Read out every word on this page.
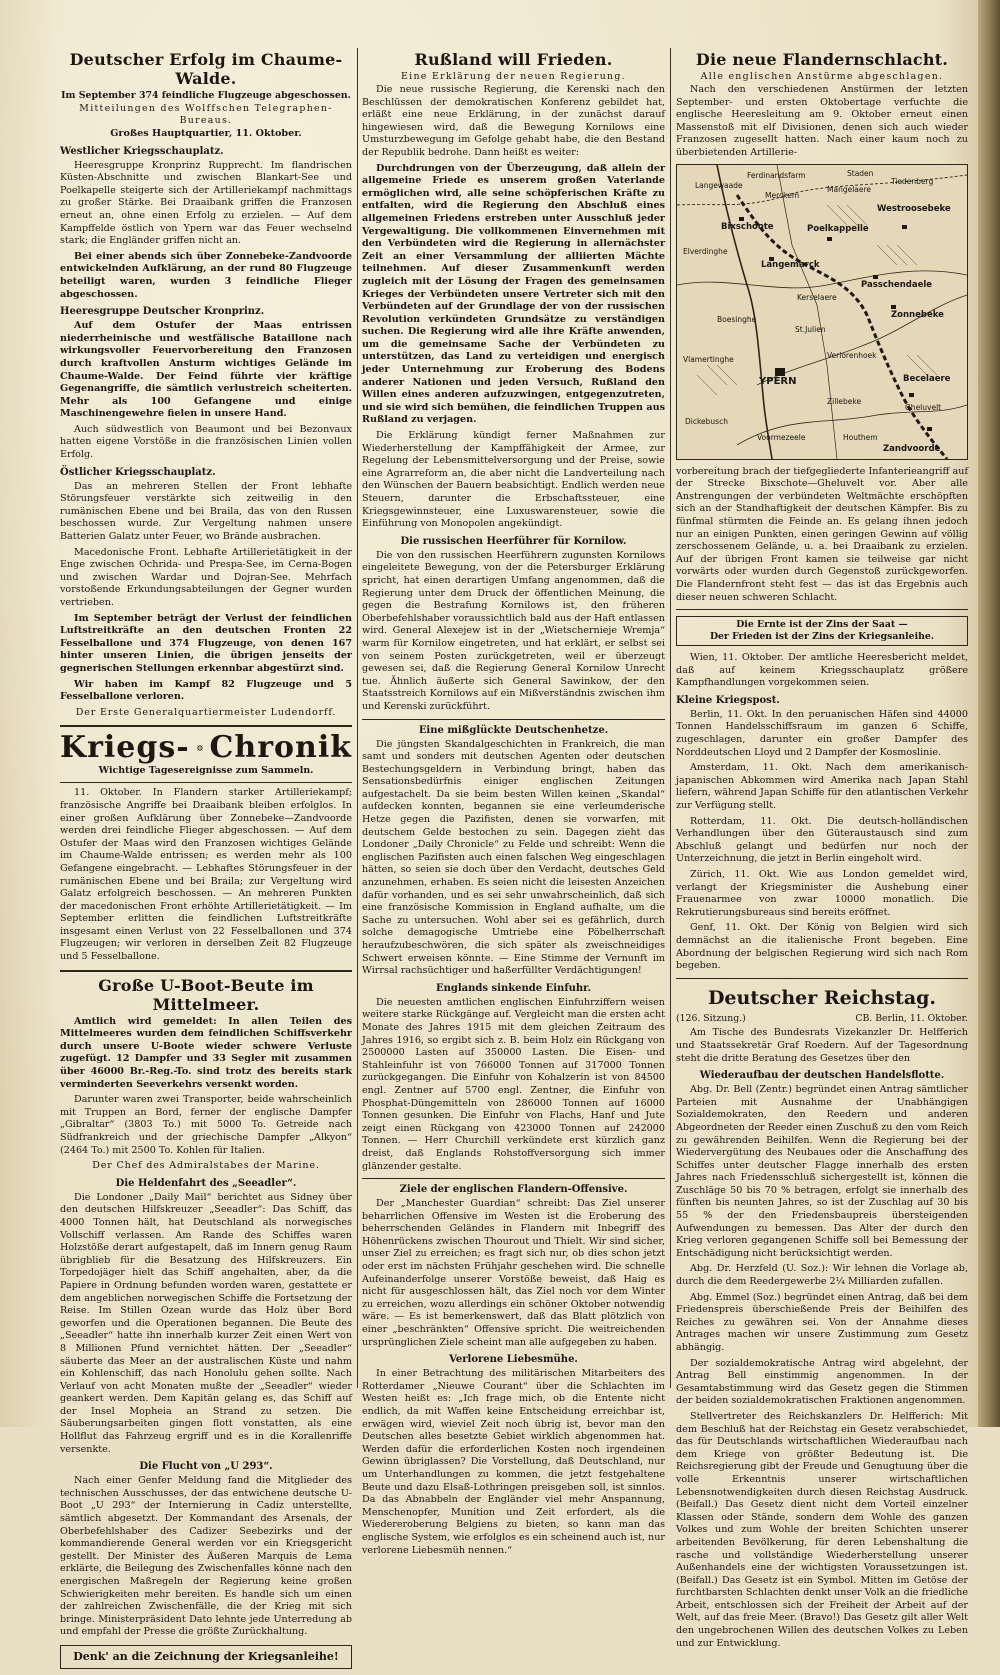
Deutscher Erfolg im Chaume-Walde.
Im September 374 feindliche Flugzeuge abgeschossen.
Mitteilungen des Wolffschen Telegraphen-Bureaus.
Großes Hauptquartier, 11. Oktober.
Westlicher Kriegsschauplatz.

Heeresgruppe Kronprinz Rupprecht. Im flandrischen Küsten-Abschnitte und zwischen Blankart-See und Poelkapelle steigerte sich der Artilleriekampf nachmittags zu großer Stärke. Bei Draaibank griffen die Franzosen erneut an, ohne einen Erfolg zu erzielen. — Auf dem Kampffelde östlich von Ypern war das Feuer wechselnd stark; die Engländer griffen nicht an.

Bei einer abends sich über Zonnebeke-Zandvoorde entwickelnden Aufklärung, an der rund 80 Flugzeuge beteiligt waren, wurden 3 feindliche Flieger abgeschossen.

Heeresgruppe Deutscher Kronprinz.

Auf dem Ostufer der Maas entrissen niederrheinische und westfälische Bataillone nach wirkungsvoller Feuervorbereitung den Franzosen durch kraftvollen Ansturm wichtiges Gelände im Chaume-Walde. Der Feind führte vier kräftige Gegenangriffe, die sämtlich verlustreich scheiterten. Mehr als 100 Gefangene und einige Maschinengewehre fielen in unsere Hand.

Auch südwestlich von Beaumont und bei Bezonvaux hatten eigene Vorstöße in die französischen Linien vollen Erfolg.

Östlicher Kriegsschauplatz.

Das an mehreren Stellen der Front lebhafte Störungsfeuer verstärkte sich zeitweilig in den rumänischen Ebene und bei Braila, das von den Russen beschossen wurde. Zur Vergeltung nahmen unsere Batterien Galatz unter Feuer, wo Brände ausbrachen.

Macedonische Front. Lebhafte Artillerietätigkeit in der Enge zwischen Ochrida- und Prespa-See, im Cerna-Bogen und zwischen Wardar und Dojran-See. Mehrfach vorstoßende Erkundungsabteilungen der Gegner wurden vertrieben.

Im September beträgt der Verlust der feindlichen Luftstreitkräfte an den deutschen Fronten 22 Fesselballone und 374 Flugzeuge, von denen 167 hinter unseren Linien, die übrigen jenseits der gegnerischen Stellungen erkennbar abgestürzt sind.

Wir haben im Kampf 82 Flugzeuge und 5 Fesselballone verloren.

Der Erste Generalquartiermeister Ludendorff.
Kriegs- Chronik
Wichtige Tagesereignisse zum Sammeln.

11. Oktober. In Flandern starker Artilleriekampf; französische Angriffe bei Draaibank bleiben erfolglos. In einer großen Aufklärung über Zonnebeke—Zandvoorde werden drei feindliche Flieger abgeschossen. — Auf dem Ostufer der Maas wird den Franzosen wichtiges Gelände im Chaume-Walde entrissen; es werden mehr als 100 Gefangene eingebracht. — Lebhaftes Störungsfeuer in der rumänischen Ebene und bei Braila; zur Vergeltung wird Galatz erfolgreich beschossen. — An mehreren Punkten der macedonischen Front erhöhte Artillerietätigkeit. — Im September erlitten die feindlichen Luftstreitkräfte insgesamt einen Verlust von 22 Fesselballonen und 374 Flugzeugen; wir verloren in derselben Zeit 82 Flugzeuge und 5 Fesselballone.

Große U-Boot-Beute im Mittelmeer.

Amtlich wird gemeldet: In allen Teilen des Mittelmeeres wurden dem feindlichen Schiffsverkehr durch unsere U-Boote wieder schwere Verluste zugefügt. 12 Dampfer und 33 Segler mit zusammen über 46000 Br.-Reg.-To. sind trotz des bereits stark verminderten Seeverkehrs versenkt worden.

Darunter waren zwei Transporter, beide wahrscheinlich mit Truppen an Bord, ferner der englische Dampfer „Gibraltar“ (3803 To.) mit 5000 To. Getreide nach Südfrankreich und der griechische Dampfer „Alkyon“ (2464 To.) mit 2500 To. Kohlen für Italien.

Der Chef des Admiralstabes der Marine.
Die Heldenfahrt des „Seeadler“.

Die Londoner „Daily Mail“ berichtet aus Sidney über den deutschen Hilfskreuzer „Seeadler“: Das Schiff, das 4000 Tonnen hält, hat Deutschland als norwegisches Vollschiff verlassen. Am Rande des Schiffes waren Holzstöße derart aufgestapelt, daß im Innern genug Raum übrigblieb für die Besatzung des Hilfskreuzers. Ein Torpedojäger hielt das Schiff angehalten, aber, da die Papiere in Ordnung befunden worden waren, gestattete er dem angeblichen norwegischen Schiffe die Fortsetzung der Reise. Im Stillen Ozean wurde das Holz über Bord geworfen und die Operationen begannen. Die Beute des „Seeadler“ hatte ihn innerhalb kurzer Zeit einen Wert von 8 Millionen Pfund vernichtet hätten. Der „Seeadler“ säuberte das Meer an der australischen Küste und nahm ein Kohlenschiff, das nach Honolulu gehen sollte. Nach Verlauf von acht Monaten mußte der „Seeadler“ wieder geankert werden. Dem Kapitän gelang es, das Schiff auf der Insel Mopheia an Strand zu setzen. Die Säuberungsarbeiten gingen flott vonstatten, als eine Hollflut das Fahrzeug ergriff und es in die Korallenriffe versenkte.

Die Flucht von „U 293“.

Nach einer Genfer Meldung fand die Mitglieder des technischen Ausschusses, der das entwichene deutsche U-Boot „U 293“ der Internierung in Cadiz unterstellte, sämtlich abgesetzt. Der Kommandant des Arsenals, der Oberbefehlshaber des Cadizer Seebezirks und der kommandierende General werden vor ein Kriegsgericht gestellt. Der Minister des Äußeren Marquis de Lema erklärte, die Beilegung des Zwischenfalles könne nach den energischen Maßregeln der Regierung keine großen Schwierigkeiten mehr bereiten. Es handle sich um einen der zahlreichen Zwischenfälle, die der Krieg mit sich bringe. Ministerpräsident Dato lehnte jede Unterredung ab und empfahl der Presse die größte Zurückhaltung.

Denk' an die Zeichnung der Kriegsanleihe!
Rußland will Frieden.
Eine Erklärung der neuen Regierung.

Die neue russische Regierung, die Kerenski nach den Beschlüssen der demokratischen Konferenz gebildet hat, erläßt eine neue Erklärung, in der zunächst darauf hingewiesen wird, daß die Bewegung Kornilows eine Umsturzbewegung im Gefolge gehabt habe, die den Bestand der Republik bedrohe. Dann heißt es weiter:

Durchdrungen von der Überzeugung, daß allein der allgemeine Friede es unserem großen Vaterlande ermöglichen wird, alle seine schöpferischen Kräfte zu entfalten, wird die Regierung den Abschluß eines allgemeinen Friedens erstreben unter Ausschluß jeder Vergewaltigung. Die vollkommenen Einvernehmen mit den Verbündeten wird die Regierung in allernächster Zeit an einer Versammlung der alliierten Mächte teilnehmen. Auf dieser Zusammenkunft werden zugleich mit der Lösung der Fragen des gemeinsamen Krieges der Verbündeten unsere Vertreter sich mit den Verbündeten auf der Grundlage der von der russischen Revolution verkündeten Grundsätze zu verständigen suchen. Die Regierung wird alle ihre Kräfte anwenden, um die gemeinsame Sache der Verbündeten zu unterstützen, das Land zu verteidigen und energisch jeder Unternehmung zur Eroberung des Bodens anderer Nationen und jeden Versuch, Rußland den Willen eines anderen aufzuzwingen, entgegenzutreten, und sie wird sich bemühen, die feindlichen Truppen aus Rußland zu verjagen.

Die Erklärung kündigt ferner Maßnahmen zur Wiederherstellung der Kampffähigkeit der Armee, zur Regelung der Lebensmittelversorgung und der Preise, sowie eine Agrarreform an, die aber nicht die Landverteilung nach den Wünschen der Bauern beabsichtigt. Endlich werden neue Steuern, darunter die Erbschaftssteuer, eine Kriegsgewinnsteuer, eine Luxuswarensteuer, sowie die Einführung von Monopolen angekündigt.

Die russischen Heerführer für Kornilow.

Die von den russischen Heerführern zugunsten Kornilows eingeleitete Bewegung, von der die Petersburger Erklärung spricht, hat einen derartigen Umfang angenommen, daß die Regierung unter dem Druck der öffentlichen Meinung, die gegen die Bestrafung Kornilows ist, den früheren Oberbefehlshaber voraussichtlich bald aus der Haft entlassen wird. General Alexejew ist in der „Wietschernieje Wremja“ warm für Kornilow eingetreten, und hat erklärt, er selbst sei von seinem Posten zurückgetreten, weil er überzeugt gewesen sei, daß die Regierung General Kornilow Unrecht tue. Ähnlich äußerte sich General Sawinkow, der den Staatsstreich Kornilows auf ein Mißverständnis zwischen ihm und Kerenski zurückführt.

Eine mißglückte Deutschenhetze.

Die jüngsten Skandalgeschichten in Frankreich, die man samt und sonders mit deutschen Agenten oder deutschen Bestechungsgeldern in Verbindung bringt, haben das Sensationsbedürfnis einiger englischen Zeitungen aufgestachelt. Da sie beim besten Willen keinen „Skandal“ aufdecken konnten, begannen sie eine verleumderische Hetze gegen die Pazifisten, denen sie vorwarfen, mit deutschem Gelde bestochen zu sein. Dagegen zieht das Londoner „Daily Chronicle“ zu Felde und schreibt: Wenn die englischen Pazifisten auch einen falschen Weg eingeschlagen hätten, so seien sie doch über den Verdacht, deutsches Geld anzunehmen, erhaben. Es seien nicht die leisesten Anzeichen dafür vorhanden, und es sei sehr unwahrscheinlich, daß sich eine französische Kommission in England aufhalte, um die Sache zu untersuchen. Wohl aber sei es gefährlich, durch solche demagogische Umtriebe eine Pöbelherrschaft heraufzubeschwören, die sich später als zweischneidiges Schwert erweisen könnte. — Eine Stimme der Vernunft im Wirrsal rachsüchtiger und haßerfüllter Verdächtigungen!

Englands sinkende Einfuhr.

Die neuesten amtlichen englischen Einfuhrziffern weisen weitere starke Rückgänge auf. Vergleicht man die ersten acht Monate des Jahres 1915 mit dem gleichen Zeitraum des Jahres 1916, so ergibt sich z. B. beim Holz ein Rückgang von 2500000 Lasten auf 350000 Lasten. Die Eisen- und Stahleinfuhr ist von 766000 Tonnen auf 317000 Tonnen zurückgegangen. Die Einfuhr von Kohalzerin ist von 84500 engl. Zentner auf 5700 engl. Zentner, die Einfuhr von Phosphat-Düngemitteln von 286000 Tonnen auf 16000 Tonnen gesunken. Die Einfuhr von Flachs, Hanf und Jute zeigt einen Rückgang von 423000 Tonnen auf 242000 Tonnen. — Herr Churchill verkündete erst kürzlich ganz dreist, daß Englands Rohstoffversorgung sich immer glänzender gestalte.

Ziele der englischen Flandern-Offensive.

Der „Manchester Guardian“ schreibt: Das Ziel unserer beharrlichen Offensive im Westen ist die Eroberung des beherrschenden Geländes in Flandern mit Inbegriff des Höhenrückens zwischen Thourout und Thielt. Wir sind sicher, unser Ziel zu erreichen; es fragt sich nur, ob dies schon jetzt oder erst im nächsten Frühjahr geschehen wird. Die schnelle Aufeinanderfolge unserer Vorstöße beweist, daß Haig es nicht für ausgeschlossen hält, das Ziel noch vor dem Winter zu erreichen, wozu allerdings ein schöner Oktober notwendig wäre. — Es ist bemerkenswert, daß das Blatt plötzlich von einer „beschränkten“ Offensive spricht. Die weitreichenden ursprünglichen Ziele scheint man alle aufgegeben zu haben.

Verlorene Liebesmühe.

In einer Betrachtung des militärischen Mitarbeiters des Rotterdamer „Nieuwe Courant“ über die Schlachten im Westen heißt es: „Ich frage mich, ob die Entente nicht endlich, da mit Waffen keine Entscheidung erreichbar ist, erwägen wird, wieviel Zeit noch übrig ist, bevor man den Deutschen alles besetzte Gebiet wirklich abgenommen hat. Werden dafür die erforderlichen Kosten noch irgendeinen Gewinn übriglassen? Die Vorstellung, daß Deutschland, nur um Unterhandlungen zu kommen, die jetzt festgehaltene Beute und dazu Elsaß-Lothringen preisgeben soll, ist sinnlos. Da das Abnabbeln der Engländer viel mehr Anspannung, Menschenopfer, Munition und Zeit erfordert, als die Wiedereroberung Belgiens zu bieten, so kann man das englische System, wie erfolglos es ein scheinend auch ist, nur verlorene Liebesmüh nennen.“

Die neue Flandernschlacht.
Alle englischen Anstürme abgeschlagen.

Nach den verschiedenen Anstürmen der letzten September- und ersten Oktobertage verfuchte die englische Heeresleitung am 9. Oktober erneut einen Massenstoß mit elf Divisionen, denen sich auch wieder Franzosen zugesellt hatten. Nach einer kaum noch zu überbietenden Artillerie-

Langewaade
Ferdinandsfarm
Merckem
Mangelaere
Tiedenberg
Staden
Bixschoote	Poelkappelle
Westroosebeke
Elverdinghe
Langemarck
Kerselaere
Passchendaele
Boesinghe
St.Julien
Zonnebeke
Verlorenhoek
Vlamertinghe
YPERN	Becelaere
Zillebeke
Gheluvelt
Dickebusch
Voormezeele	Houthem
Zandvoorde

vorbereitung brach der tiefgegliederte Infanterieangriff auf der Strecke Bixschote—Gheluvelt vor. Aber alle Anstrengungen der verbündeten Weltmächte erschöpften sich an der Standhaftigkeit der deutschen Kämpfer. Bis zu fünfmal stürmten die Feinde an. Es gelang ihnen jedoch nur an einigen Punkten, einen geringen Gewinn auf völlig zerschossenem Gelände, u. a. bei Draaibank zu erzielen. Auf der übrigen Front kamen sie teilweise gar nicht vorwärts oder wurden durch Gegenstoß zurückgeworfen. Die Flandernfront steht fest — das ist das Ergebnis auch dieser neuen schweren Schlacht.

Die Ernte ist der Zins der Saat —
Der Frieden ist der Zins der Kriegsanleihe.

Wien, 11. Oktober. Der amtliche Heeresbericht meldet, daß auf keinem Kriegsschauplatz größere Kampfhandlungen vorgekommen seien.

Kleine Kriegspost.

Berlin, 11. Okt. In den peruanischen Häfen sind 44000 Tonnen Handelsschiffsraum im ganzen 6 Schiffe, zugeschlagen, darunter ein großer Dampfer des Norddeutschen Lloyd und 2 Dampfer der Kosmoslinie.

Amsterdam, 11. Okt. Nach dem amerikanisch-japanischen Abkommen wird Amerika nach Japan Stahl liefern, während Japan Schiffe für den atlantischen Verkehr zur Verfügung stellt.

Rotterdam, 11. Okt. Die deutsch-holländischen Verhandlungen über den Güteraustausch sind zum Abschluß gelangt und bedürfen nur noch der Unterzeichnung, die jetzt in Berlin eingeholt wird.

Zürich, 11. Okt. Wie aus London gemeldet wird, verlangt der Kriegsminister die Aushebung einer Frauenarmee von zwar 10000 monatlich. Die Rekrutierungsbureaus sind bereits eröffnet.

Genf, 11. Okt. Der König von Belgien wird sich demnächst an die italienische Front begeben. Eine Abordnung der belgischen Regierung wird sich nach Rom begeben.

Deutscher Reichstag.
(126. Sitzung.)	CB. Berlin, 11. Oktober.

Am Tische des Bundesrats Vizekanzler Dr. Helfferich und Staatssekretär Graf Roedern. Auf der Tagesordnung steht die dritte Beratung des Gesetzes über den

Wiederaufbau der deutschen Handelsflotte.

Abg. Dr. Bell (Zentr.) begründet einen Antrag sämtlicher Parteien mit Ausnahme der Unabhängigen Sozialdemokraten, den Reedern und anderen Abgeordneten der Reeder einen Zuschuß zu den vom Reich zu gewährenden Beihilfen. Wenn die Regierung bei der Wiedervergütung des Neubaues oder die Anschaffung des Schiffes unter deutscher Flagge innerhalb des ersten Jahres nach Friedensschluß sichergestellt ist, können die Zuschläge 50 bis 70 % betragen, erfolgt sie innerhalb des fünften bis neunten Jahres, so ist der Zuschlag auf 30 bis 55 % der den Friedensbaupreis übersteigenden Aufwendungen zu bemessen. Das Alter der durch den Krieg verloren gegangenen Schiffe soll bei Bemessung der Entschädigung nicht berücksichtigt werden.

Abg. Dr. Herzfeld (U. Soz.): Wir lehnen die Vorlage ab, durch die dem Reedergewerbe 2¼ Milliarden zufallen.

Abg. Emmel (Soz.) begründet einen Antrag, daß bei dem Friedenspreis überschießende Preis der Beihilfen des Reiches zu gewähren sei. Von der Annahme dieses Antrages machen wir unsere Zustimmung zum Gesetz abhängig.

Der sozialdemokratische Antrag wird abgelehnt, der Antrag Bell einstimmig angenommen. In der Gesamtabstimmung wird das Gesetz gegen die Stimmen der beiden sozialdemokratischen Fraktionen angenommen.

Stellvertreter des Reichskanzlers Dr. Helfferich: Mit dem Beschluß hat der Reichstag ein Gesetz verabschiedet, das für Deutschlands wirtschaftlichen Wiederaufbau nach dem Kriege von größter Bedeutung ist. Die Reichsregierung gibt der Freude und Genugtuung über die volle Erkenntnis unserer wirtschaftlichen Lebensnotwendigkeiten durch diesen Reichstag Ausdruck. (Beifall.) Das Gesetz dient nicht dem Vorteil einzelner Klassen oder Stände, sondern dem Wohle des ganzen Volkes und zum Wohle der breiten Schichten unserer arbeitenden Bevölkerung, für deren Lebenshaltung die rasche und vollständige Wiederherstellung unserer Außenhandels eine der wichtigsten Voraussetzungen ist. (Beifall.) Das Gesetz ist ein Symbol. Mitten im Getöse der furchtbarsten Schlachten denkt unser Volk an die friedliche Arbeit, entschlossen sich der Freiheit der Arbeit auf der Welt, auf das freie Meer. (Bravo!) Das Gesetz gilt aller Welt den ungebrochenen Willen des deutschen Volkes zu Leben und zur Entwicklung.
